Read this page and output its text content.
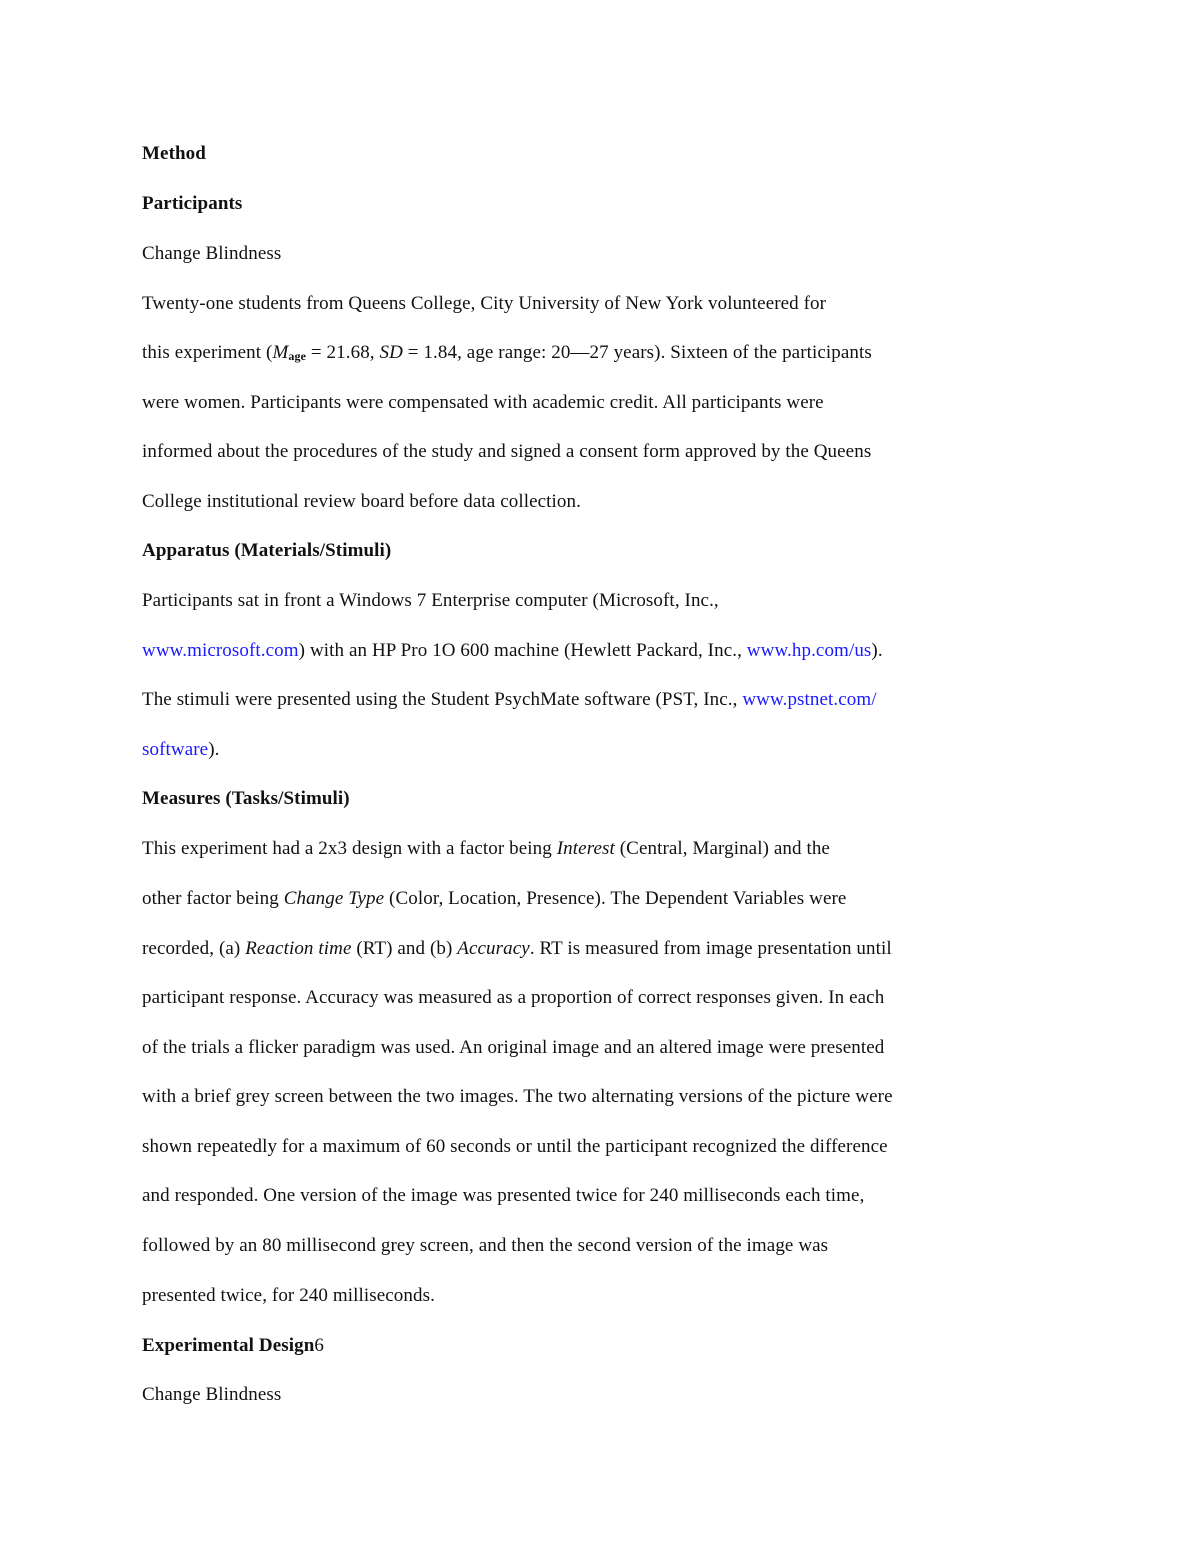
Method
Participants
Change Blindness
Twenty-one students from Queens College, City University of New York volunteered for
this experiment ($M_{age} = 21.68$, SD = 1.84, age range: 20—27 years). Sixteen of the participants
were women. Participants were compensated with academic credit. All participants were
informed about the procedures of the study and signed a consent form approved by the Queens
College institutional review board before data collection.
Apparatus (Materials/Stimuli)
Participants sat in front a Windows 7 Enterprise computer (Microsoft, Inc.,
www.microsoft.com) with an HP Pro 1O 600 machine (Hewlett Packard, Inc., www.hp.com/us).
The stimuli were presented using the Student PsychMate software (PST, Inc., www.pstnet.com/
software).
Measures (Tasks/Stimuli)
This experiment had a 2x3 design with a factor being Interest (Central, Marginal) and the
other factor being Change Type (Color, Location, Presence). The Dependent Variables were
recorded, (a) Reaction time (RT) and (b) Accuracy. RT is measured from image presentation until
participant response. Accuracy was measured as a proportion of correct responses given. In each
of the trials a flicker paradigm was used. An original image and an altered image were presented
with a brief grey screen between the two images. The two alternating versions of the picture were
shown repeatedly for a maximum of 60 seconds or until the participant recognized the difference
and responded. One version of the image was presented twice for 240 milliseconds each time,
followed by an 80 millisecond grey screen, and then the second version of the image was
presented twice, for 240 milliseconds.
Experimental Design6
Change Blindness
